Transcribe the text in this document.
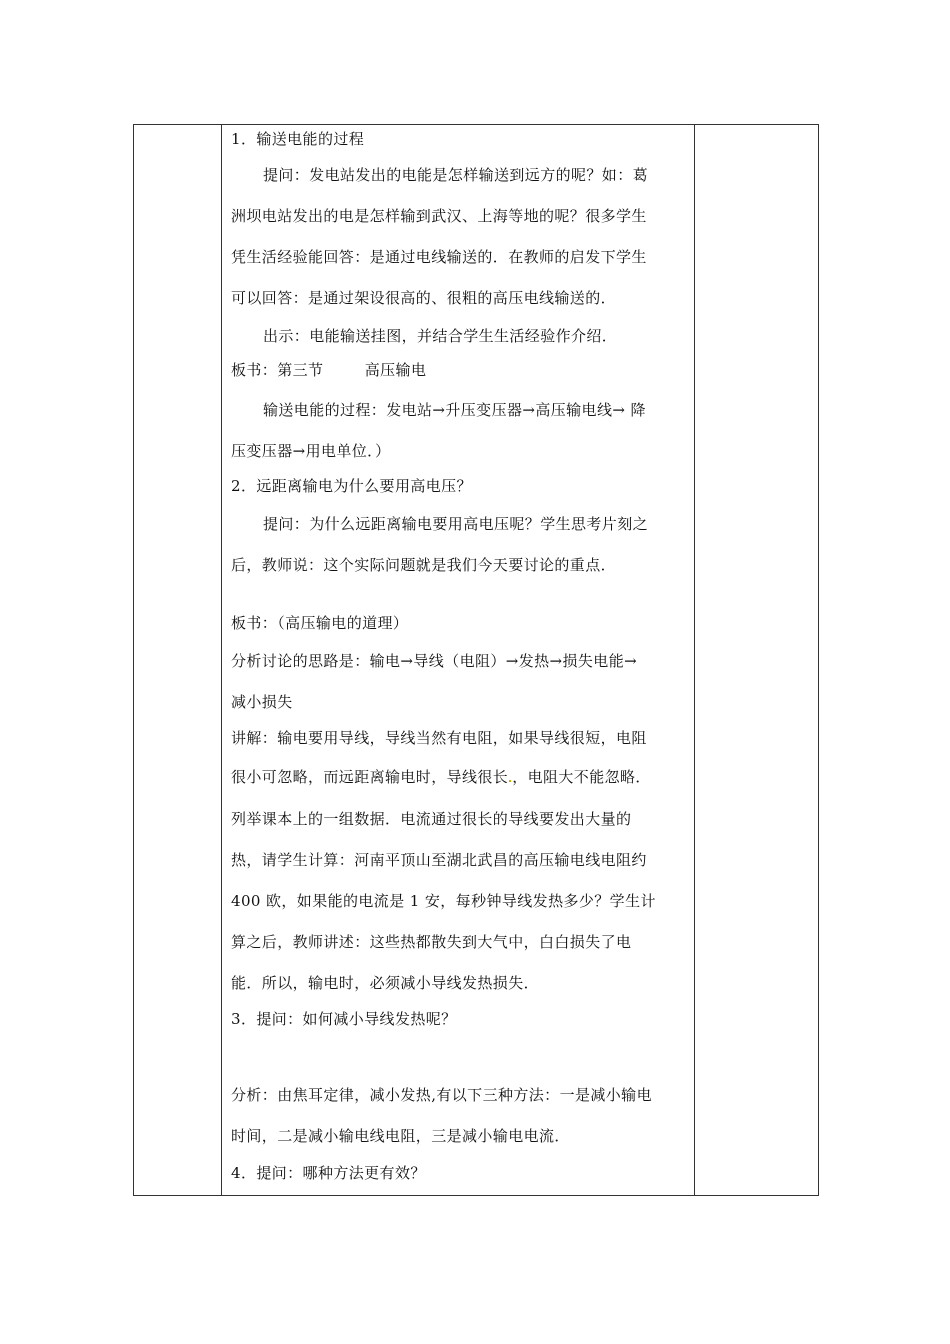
1．输送电能的过程
提问：发电站发出的电能是怎样输送到远方的呢？如：葛
洲坝电站发出的电是怎样输到武汉、上海等地的呢？很多学生
凭生活经验能回答：是通过电线输送的．在教师的启发下学生
可以回答：是通过架设很高的、很粗的高压电线输送的．
出示：电能输送挂图，并结合学生生活经验作介绍．
板书：第三节        高压输电
输送电能的过程：发电站→升压变压器→高压输电线→ 降
压变压器→用电单位．）
2．远距离输电为什么要用高电压？
提问：为什么远距离输电要用高电压呢？学生思考片刻之
后，教师说：这个实际问题就是我们今天要讨论的重点．
板书：（高压输电的道理）
分析讨论的思路是：输电→导线（电阻）→发热→损失电能→
减小损失
讲解：输电要用导线，导线当然有电阻，如果导线很短，电阻
很小可忽略，而远距离输电时，导线很长 ，电阻大不能忽略．
列举课本上的一组数据．电流通过很长的导线要发出大量的
热，请学生计算：河南平顶山至湖北武昌的高压输电线电阻约
400 欧，如果能的电流是 1 安，每秒钟导线发热多少？学生计
算之后，教师讲述：这些热都散失到大气中，白白损失了电
能．所以，输电时，必须减小导线发热损失．
3．提问：如何减小导线发热呢？
分析：由焦耳定律，减小发热,有以下三种方法：一是减小输电
时间，二是减小输电线电阻，三是减小输电电流．
4．提问：哪种方法更有效？
